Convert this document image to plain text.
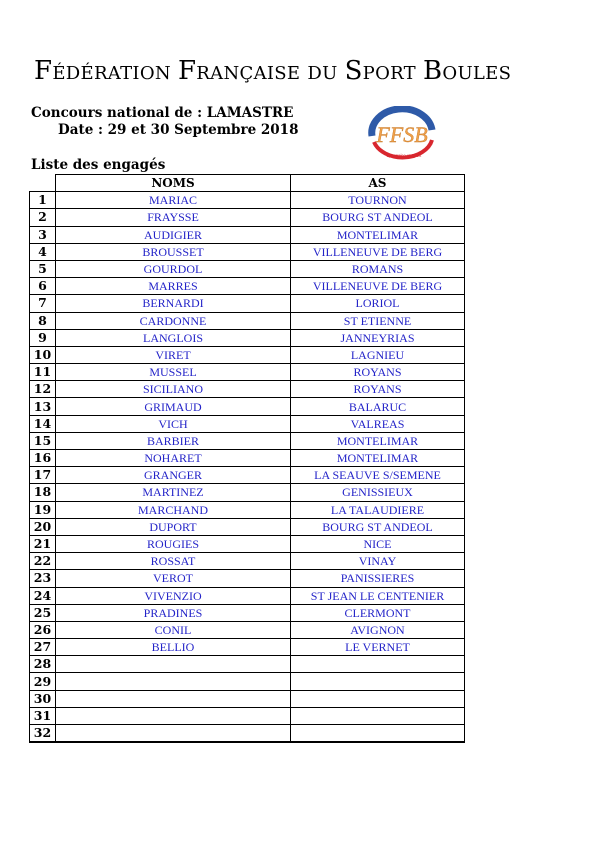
Fédération Française du Sport Boules
Concours national de : LAMASTRE
Date : 29 et 30 Septembre 2018
Boule
FFSB
Lyonnaise et Sport
Liste des engagés
	NOMS	AS
1	MARIAC	TOURNON
2	FRAYSSE	BOURG ST ANDEOL
3	AUDIGIER	MONTELIMAR
4	BROUSSET	VILLENEUVE DE BERG
5	GOURDOL	ROMANS
6	MARRES	VILLENEUVE DE BERG
7	BERNARDI	LORIOL
8	CARDONNE	ST ETIENNE
9	LANGLOIS	JANNEYRIAS
10	VIRET	LAGNIEU
11	MUSSEL	ROYANS
12	SICILIANO	ROYANS
13	GRIMAUD	BALARUC
14	VICH	VALREAS
15	BARBIER	MONTELIMAR
16	NOHARET	MONTELIMAR
17	GRANGER	LA SEAUVE S/SEMENE
18	MARTINEZ	GENISSIEUX
19	MARCHAND	LA TALAUDIERE
20	DUPORT	BOURG ST ANDEOL
21	ROUGIES	NICE
22	ROSSAT	VINAY
23	VEROT	PANISSIERES
24	VIVENZIO	ST JEAN LE CENTENIER
25	PRADINES	CLERMONT
26	CONIL	AVIGNON
27	BELLIO	LE VERNET
28		
29		
30		
31		
32		
